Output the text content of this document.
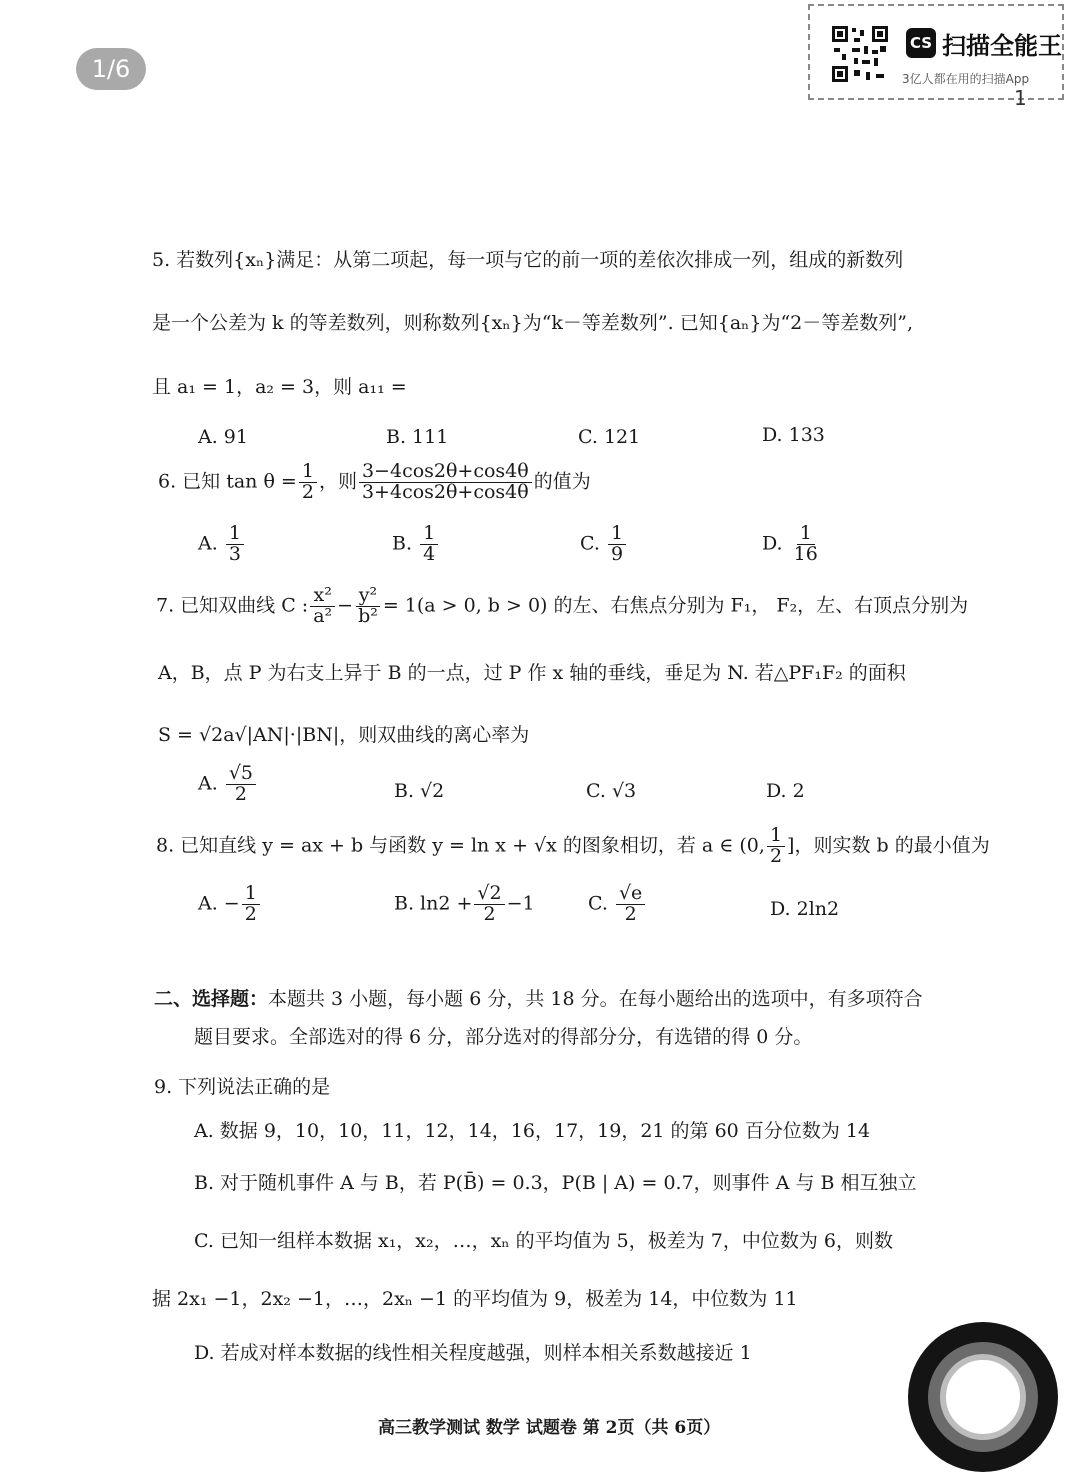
1/6
CS 扫描全能王
3亿人都在用的扫描App
1
5. 若数列{xₙ}满足：从第二项起，每一项与它的前一项的差依次排成一列，组成的新数列
是一个公差为 k 的等差数列，则称数列{xₙ}为“k－等差数列”. 已知{aₙ}为“2－等差数列”,
且 a₁ = 1，a₂ = 3，则 a₁₁ =
A. 91	B. 111	C. 121	D. 133
6. 已知 $\tan \theta = \frac{1}{2}$ ，则 $\frac{3-4\cos 2\theta+\cos 4\theta}{3+4\cos 2\theta+\cos 4\theta}$ 的值为
A. $\frac{1}{3}$	B. $\frac{1}{4}$	C. $\frac{1}{9}$	D. $\frac{1}{16}$
7. 已知双曲线 C : $\frac{\text{x²}}{\text{a²}} - \frac{\text{y²}}{\text{b²}} = 1(a > 0$, b > 0) 的左、右焦点分别为 F₁， F₂，左、右顶点分别为
A，B，点 P 为右支上异于 B 的一点，过 P 作 x 轴的垂线，垂足为 N. 若△PF₁F₂ 的面积
S = √2a√|AN|·|BN|，则双曲线的离心率为
A. $\frac{√5}{2}$	B. √2	C. √3	D. 2
8. 已知直线 y = ax + b 与函数 y = ln x + √x 的图象相切，若 a ∈ (0, $\frac{1}{2}$ ]，则实数 b 的最小值为
A. − $\frac{1}{2}$	B. $\ln 2 + \frac{√2}{2} -1$	C. $\frac{√e}{2}$	D. 2ln2
二、选择题：本题共 3 小题，每小题 6 分，共 18 分。在每小题给出的选项中，有多项符合
题目要求。全部选对的得 6 分，部分选对的得部分分，有选错的得 0 分。
9. 下列说法正确的是
A. 数据 9，10，10，11，12，14，16，17，19，21 的第 60 百分位数为 14
B. 对于随机事件 A 与 B，若 P(B̄) = 0.3，P(B | A) = 0.7，则事件 A 与 B 相互独立
C. 已知一组样本数据 x₁，x₂，…，xₙ 的平均值为 5，极差为 7，中位数为 6，则数
据 2x₁ −1，2x₂ −1，…，2xₙ −1 的平均值为 9，极差为 14，中位数为 11
D. 若成对样本数据的线性相关程度越强，则样本相关系数越接近 1
高三教学测试 数学 试题卷 第 2页（共 6页）
